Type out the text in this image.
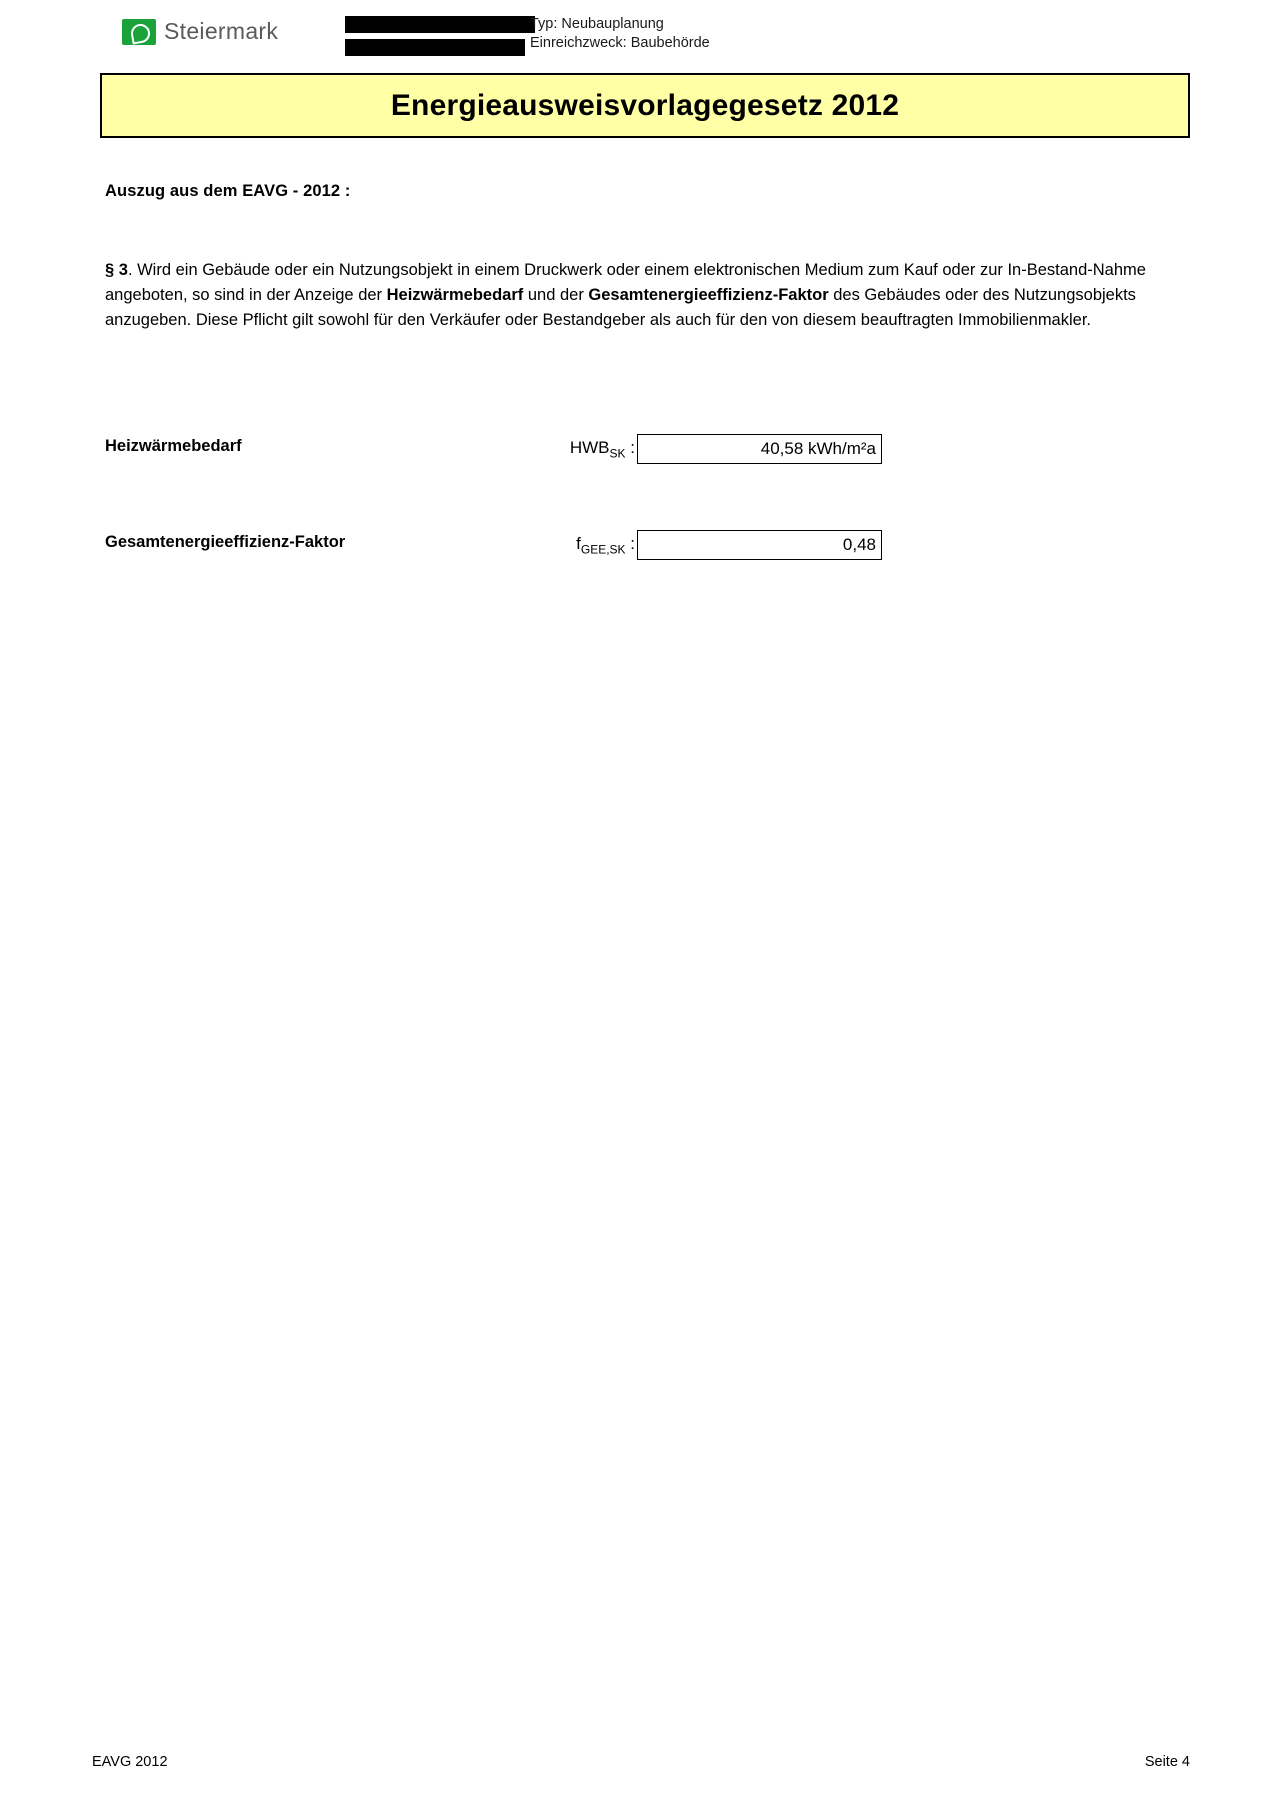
Steiermark	Typ: Neubauplanung
Einreichzweck: Baubehörde
Energieausweisvorlagegesetz 2012
Auszug aus dem EAVG - 2012 :
§ 3. Wird ein Gebäude oder ein Nutzungsobjekt in einem Druckwerk oder einem elektronischen Medium zum Kauf oder zur In-Bestand-Nahme angeboten, so sind in der Anzeige der Heizwärmebedarf und der Gesamtenergieeffizienz-Faktor des Gebäudes oder des Nutzungsobjekts anzugeben. Diese Pflicht gilt sowohl für den Verkäufer oder Bestandgeber als auch für den von diesem beauftragten Immobilienmakler.
Heizwärmebedarf	$HWB_{SK}$ :	40,58 kWh/m²a
Gesamtenergieeffizienz-Faktor	$f_{GEE,SK}$ :	0,48
EAVG 2012	Seite 4
